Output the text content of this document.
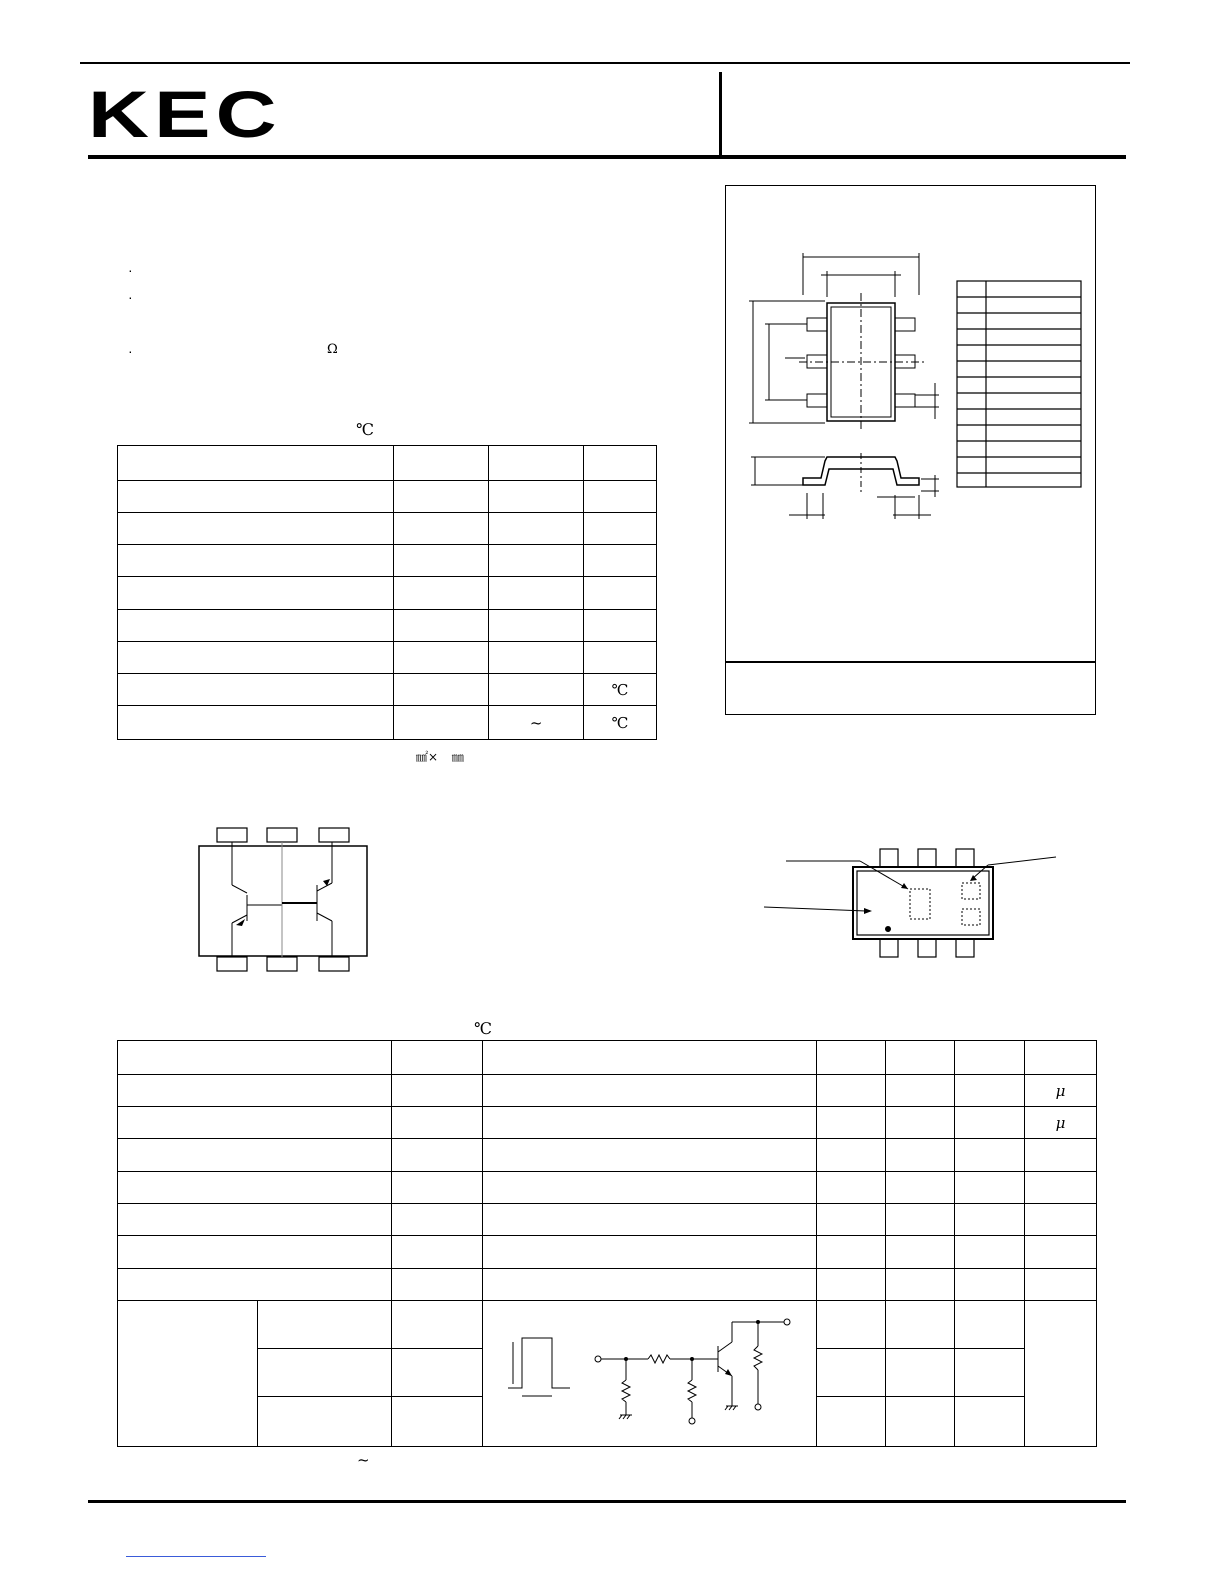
KEC
·
·
·	Ω
℃

			℃
		~	℃
㎟× ㎜
℃

							μ
							μ

~
